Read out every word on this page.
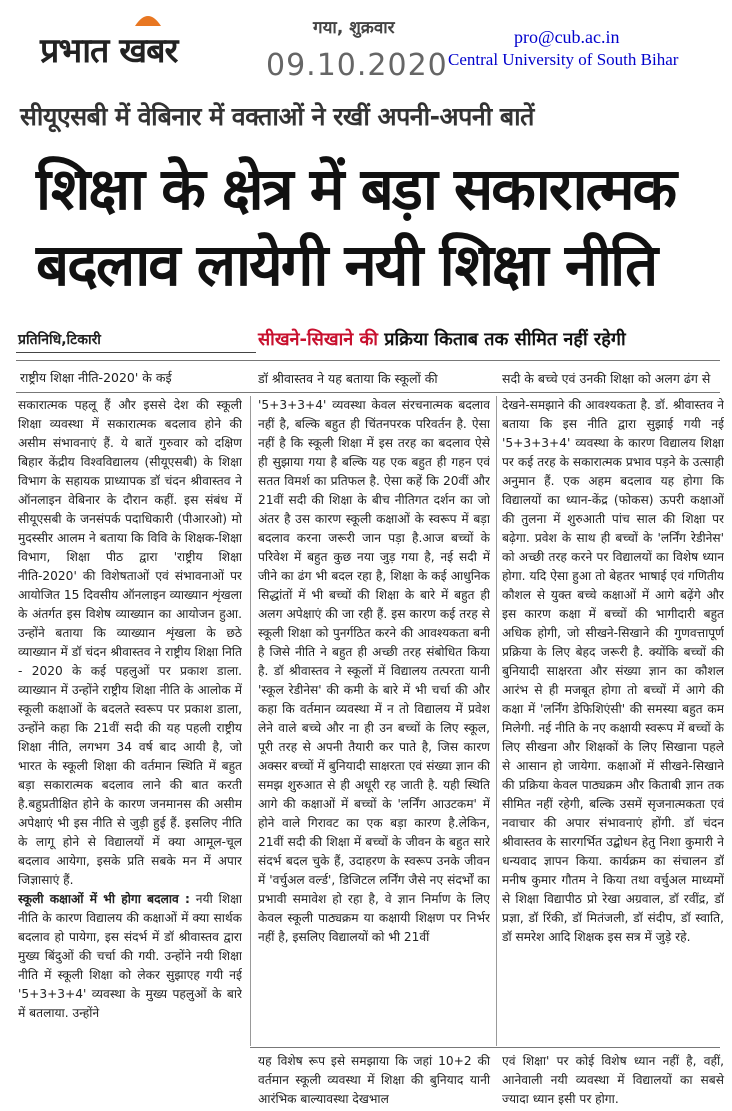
प्रभात खबर
गया, शुक्रवार
09.10.2020
pro@cub.ac.in
Central University of South Bihar
सीयूएसबी में वेबिनार में वक्ताओं ने रखीं अपनी-अपनी बातें
शिक्षा के क्षेत्र में बड़ा सकारात्मक
बदलाव लायेगी नयी शिक्षा नीति
प्रतिनिधि,टिकारी	सीखने-सिखाने की प्रक्रिया किताब तक सीमित नहीं रहेगी
राष्ट्रीय शिक्षा नीति-2020' के कई	डॉ श्रीवास्तव ने यह बताया कि स्कूलों की	सदी के बच्चे एवं उनकी शिक्षा को अलग ढंग से

सकारात्मक पहलू हैं और इससे देश की स्कूली शिक्षा व्यवस्था में सकारात्मक बदलाव होने की असीम संभावनाएं हैं. ये बातें गुरुवार को दक्षिण बिहार केंद्रीय विश्वविद्यालय (सीयूएसबी) के शिक्षा विभाग के सहायक प्राध्यापक डॉ चंदन श्रीवास्तव ने ऑनलाइन वेबिनार के दौरान कहीं. इस संबंध में सीयूएसबी के जनसंपर्क पदाधिकारी (पीआरओ) मो मुदस्सीर आलम ने बताया कि विवि के शिक्षक-शिक्षा विभाग, शिक्षा पीठ द्वारा 'राष्ट्रीय शिक्षा नीति-2020' की विशेषताओं एवं संभावनाओं पर आयोजित 15 दिवसीय ऑनलाइन व्याख्यान शृंखला के अंतर्गत इस विशेष व्याख्यान का आयोजन हुआ. उन्होंने बताया कि व्याख्यान शृंखला के छठे व्याख्यान में डॉ चंदन श्रीवास्तव ने राष्ट्रीय शिक्षा निति - 2020 के कई पहलुओं पर प्रकाश डाला. व्याख्यान में उन्होंने राष्ट्रीय शिक्षा नीति के आलोक में स्कूली कक्षाओं के बदलते स्वरूप पर प्रकाश डाला, उन्होंने कहा कि 21वीं सदी की यह पहली राष्ट्रीय शिक्षा नीति, लगभग 34 वर्ष बाद आयी है, जो भारत के स्कूली शिक्षा की वर्तमान स्थिति में बहुत बड़ा सकारात्मक बदलाव लाने की बात करती है.बहुप्रतीक्षित होने के कारण जनमानस की असीम अपेक्षाएं भी इस नीति से जुड़ी हुई हैं. इसलिए नीति के लागू होने से विद्यालयों में क्या आमूल-चूल बदलाव आयेगा, इसके प्रति सबके मन में अपार जिज्ञासाएं हैं.

स्कूली कक्षाओं में भी होगा बदलाव : नयी शिक्षा नीति के कारण विद्यालय की कक्षाओं में क्या सार्थक बदलाव हो पायेगा, इस संदर्भ में डॉ श्रीवास्तव द्वारा मुख्य बिंदुओं की चर्चा की गयी. उन्होंने नयी शिक्षा नीति में स्कूली शिक्षा को लेकर सुझाएह गयी नई '5+3+3+4' व्यवस्था के मुख्य पहलुओं के बारे में बतलाया. उन्होंने

'5+3+3+4' व्यवस्था केवल संरचनात्मक बदलाव नहीं है, बल्कि बहुत ही चिंतनपरक परिवर्तन है. ऐसा नहीं है कि स्कूली शिक्षा में इस तरह का बदलाव ऐसे ही सुझाया गया है बल्कि यह एक बहुत ही गहन एवं सतत विमर्श का प्रतिफल है. ऐसा कहें कि 20वीं और 21वीं सदी की शिक्षा के बीच नीतिगत दर्शन का जो अंतर है उस कारण स्कूली कक्षाओं के स्वरूप में बड़ा बदलाव करना जरूरी जान पड़ा है.आज बच्चों के परिवेश में बहुत कुछ नया जुड़ गया है, नई सदी में जीने का ढंग भी बदल रहा है, शिक्षा के कई आधुनिक सिद्धांतों में भी बच्चों की शिक्षा के बारे में बहुत ही अलग अपेक्षाएं की जा रही हैं. इस कारण कई तरह से स्कूली शिक्षा को पुनर्गठित करने की आवश्यकता बनी है जिसे नीति ने बहुत ही अच्छी तरह संबोधित किया है. डॉ श्रीवास्तव ने स्कूलों में विद्यालय तत्परता यानी 'स्कूल रेडीनेस' की कमी के बारे में भी चर्चा की और कहा कि वर्तमान व्यवस्था में न तो विद्यालय में प्रवेश लेने वाले बच्चे और ना ही उन बच्चों के लिए स्कूल, पूरी तरह से अपनी तैयारी कर पाते है, जिस कारण अक्सर बच्चों में बुनियादी साक्षरता एवं संख्या ज्ञान की समझ शुरुआत से ही अधूरी रह जाती है. यही स्थिति आगे की कक्षाओं में बच्चों के 'लर्निंग आउटकम' में होने वाले गिरावट का एक बड़ा कारण है.लेकिन, 21वीं सदी की शिक्षा में बच्चों के जीवन के बहुत सारे संदर्भ बदल चुके हैं, उदाहरण के स्वरूप उनके जीवन में 'वर्चुअल वर्ल्ड', डिजिटल लर्निंग जैसे नए संदर्भों का प्रभावी समावेश हो रहा है, वे ज्ञान निर्माण के लिए केवल स्कूली पाठ्यक्रम या कक्षायी शिक्षण पर निर्भर नहीं है, इसलिए विद्यालयों को भी 21वीं

देखने-समझाने की आवश्यकता है. डॉ. श्रीवास्तव ने बताया कि इस नीति द्वारा सुझाई गयी नई '5+3+3+4' व्यवस्था के कारण विद्यालय शिक्षा पर कई तरह के सकारात्मक प्रभाव पड़ने के उत्साही अनुमान हैं. एक अहम बदलाव यह होगा कि विद्यालयों का ध्यान-केंद्र (फोकस) ऊपरी कक्षाओं की तुलना में शुरुआती पांच साल की शिक्षा पर बढ़ेगा. प्रवेश के साथ ही बच्चों के 'लर्निंग रेडीनेस' को अच्छी तरह करने पर विद्यालयों का विशेष ध्यान होगा. यदि ऐसा हुआ तो बेहतर भाषाई एवं गणितीय कौशल से युक्त बच्चे कक्षाओं में आगे बढ़ेंगे और इस कारण कक्षा में बच्चों की भागीदारी बहुत अधिक होगी, जो सीखने-सिखाने की गुणवत्तापूर्ण प्रक्रिया के लिए बेहद जरूरी है. क्योंकि बच्चों की बुनियादी साक्षरता और संख्या ज्ञान का कौशल आरंभ से ही मजबूत होगा तो बच्चों में आगे की कक्षा में 'लर्निंग डेफिशिएंसी' की समस्या बहुत कम मिलेगी. नई नीति के नए कक्षायी स्वरूप में बच्चों के लिए सीखना और शिक्षकों के लिए सिखाना पहले से आसान हो जायेगा. कक्षाओं में सीखने-सिखाने की प्रक्रिया केवल पाठ्यक्रम और किताबी ज्ञान तक सीमित नहीं रहेगी, बल्कि उसमें सृजनात्मकता एवं नवाचार की अपार संभावनाएं होंगी. डॉ चंदन श्रीवास्तव के सारगर्भित उद्बोधन हेतु निशा कुमारी ने धन्यवाद ज्ञापन किया. कार्यक्रम का संचालन डॉ मनीष कुमार गौतम ने किया तथा वर्चुअल माध्यमों से शिक्षा विद्यापीठ प्रो रेखा अग्रवाल, डॉ रवींद्र, डॉ प्रज्ञा, डॉ रिंकी, डॉ मितंजली, डॉ संदीप, डॉ स्वाति, डॉ समरेश आदि शिक्षक इस सत्र में जुड़े रहे.

यह विशेष रूप इसे समझाया कि जहां 10+2 की वर्तमान स्कूली व्यवस्था में शिक्षा की बुनियाद यानी आरंभिक बाल्यावस्था देखभाल
एवं शिक्षा' पर कोई विशेष ध्यान नहीं है, वहीं, आनेवाली नयी व्यवस्था में विद्यालयों का सबसे ज्यादा ध्यान इसी पर होगा.
